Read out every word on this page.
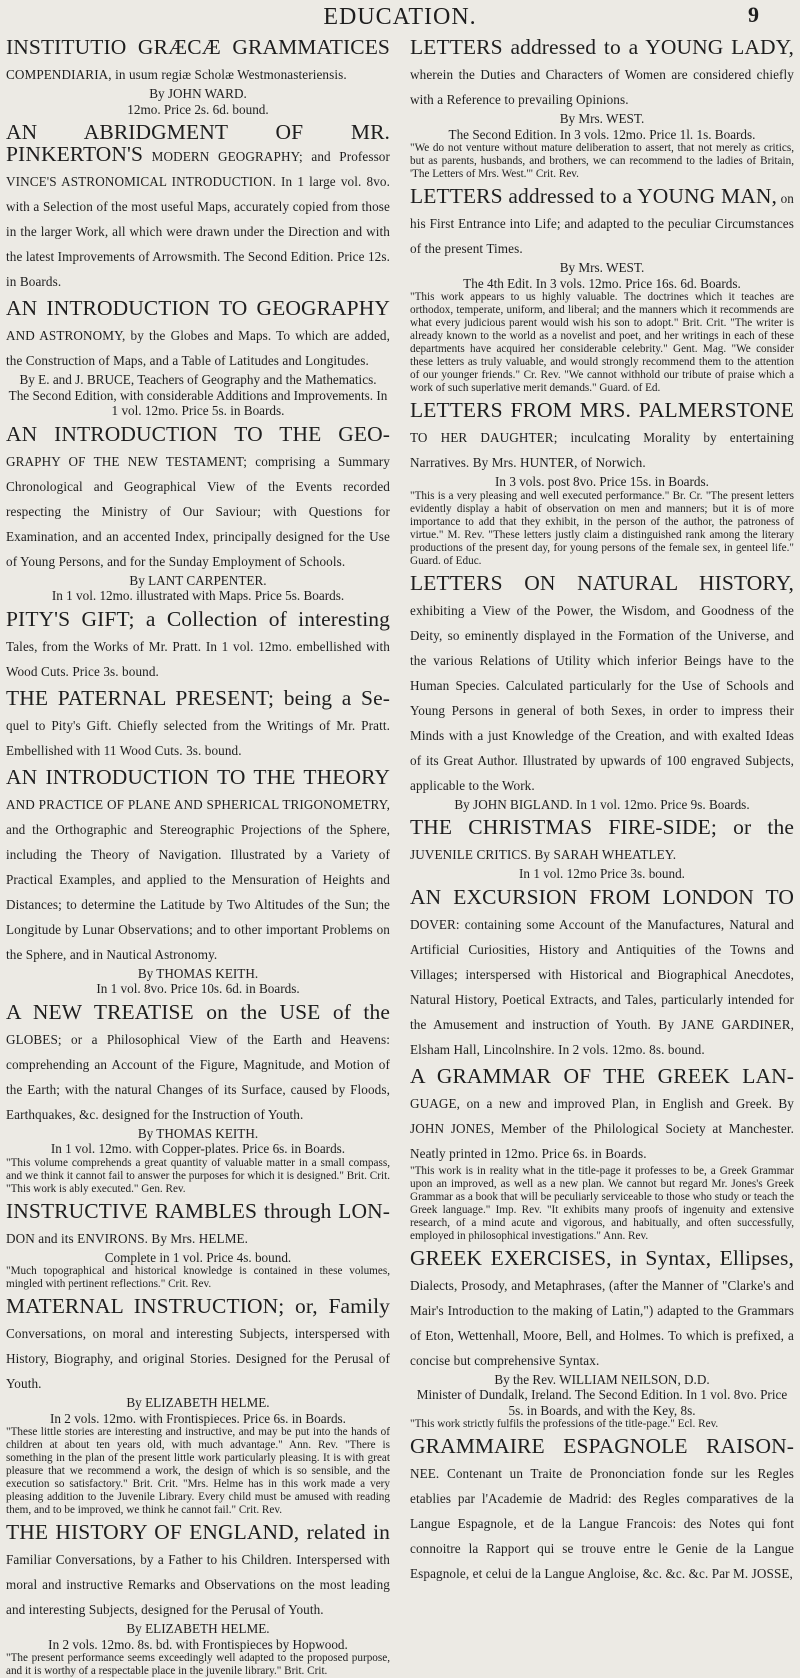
EDUCATION.	9
INSTITUTIO GRÆCÆ GRAMMATICES COMPENDIARIA, in usum regiæ Scholæ Westmonasteriensis.
By JOHN WARD.
12mo. Price 2s. 6d. bound.
AN ABRIDGMENT OF MR. PINKERTON'S MODERN GEOGRAPHY; and Professor VINCE'S ASTRONOMICAL INTRODUCTION. In 1 large vol. 8vo. with a Selection of the most useful Maps, accurately copied from those in the larger Work, all which were drawn under the Direction and with the latest Improvements of Arrowsmith. The Second Edition. Price 12s. in Boards.
AN INTRODUCTION TO GEOGRAPHY AND ASTRONOMY, by the Globes and Maps. To which are added, the Construction of Maps, and a Table of Latitudes and Longitudes.
By E. and J. BRUCE, Teachers of Geography and the Mathematics.
The Second Edition, with considerable Additions and Improvements. In 1 vol. 12mo. Price 5s. in Boards.
AN INTRODUCTION TO THE GEO- GRAPHY OF THE NEW TESTAMENT; comprising a Summary Chronological and Geographical View of the Events recorded respecting the Ministry of Our Saviour; with Questions for Examination, and an accented Index, principally designed for the Use of Young Persons, and for the Sunday Employment of Schools.
By LANT CARPENTER.
In 1 vol. 12mo. illustrated with Maps. Price 5s. Boards.
PITY'S GIFT; a Collection of interesting Tales, from the Works of Mr. Pratt. In 1 vol. 12mo. embellished with Wood Cuts. Price 3s. bound.
THE PATERNAL PRESENT; being a Se- quel to Pity's Gift. Chiefly selected from the Writings of Mr. Pratt. Embellished with 11 Wood Cuts. 3s. bound.
AN INTRODUCTION TO THE THEORY AND PRACTICE OF PLANE AND SPHERICAL TRIGONOMETRY, and the Orthographic and Stereographic Projections of the Sphere, including the Theory of Navigation. Illustrated by a Variety of Practical Examples, and applied to the Mensuration of Heights and Distances; to determine the Latitude by Two Altitudes of the Sun; the Longitude by Lunar Observations; and to other important Problems on the Sphere, and in Nautical Astronomy.
By THOMAS KEITH.
In 1 vol. 8vo. Price 10s. 6d. in Boards.
A NEW TREATISE on the USE of the GLOBES; or a Philosophical View of the Earth and Heavens: comprehending an Account of the Figure, Magnitude, and Motion of the Earth; with the natural Changes of its Surface, caused by Floods, Earthquakes, &c. designed for the Instruction of Youth.
By THOMAS KEITH.
In 1 vol. 12mo. with Copper-plates. Price 6s. in Boards.
"This volume comprehends a great quantity of valuable matter in a small compass, and we think it cannot fail to answer the purposes for which it is designed." Brit. Crit. "This work is ably executed." Gen. Rev.
INSTRUCTIVE RAMBLES through LON- DON and its ENVIRONS. By Mrs. HELME.
Complete in 1 vol. Price 4s. bound.
"Much topographical and historical knowledge is contained in these volumes, mingled with pertinent reflections." Crit. Rev.
MATERNAL INSTRUCTION; or, Family Conversations, on moral and interesting Subjects, interspersed with History, Biography, and original Stories. Designed for the Perusal of Youth.
By ELIZABETH HELME.
In 2 vols. 12mo. with Frontispieces. Price 6s. in Boards.
"These little stories are interesting and instructive, and may be put into the hands of children at about ten years old, with much advantage." Ann. Rev. "There is something in the plan of the present little work particularly pleasing. It is with great pleasure that we recommend a work, the design of which is so sensible, and the execution so satisfactory." Brit. Crit. "Mrs. Helme has in this work made a very pleasing addition to the Juvenile Library. Every child must be amused with reading them, and to be improved, we think he cannot fail." Crit. Rev.
THE HISTORY OF ENGLAND, related in Familiar Conversations, by a Father to his Children. Interspersed with moral and instructive Remarks and Observations on the most leading and interesting Subjects, designed for the Perusal of Youth.
By ELIZABETH HELME.
In 2 vols. 12mo. 8s. bd. with Frontispieces by Hopwood.
"The present performance seems exceedingly well adapted to the proposed purpose, and it is worthy of a respectable place in the juvenile library." Brit. Crit.
LETTERS addressed to a YOUNG LADY, wherein the Duties and Characters of Women are considered chiefly with a Reference to prevailing Opinions.
By Mrs. WEST.
The Second Edition. In 3 vols. 12mo. Price 1l. 1s. Boards.
"We do not venture without mature deliberation to assert, that not merely as critics, but as parents, husbands, and brothers, we can recommend to the ladies of Britain, 'The Letters of Mrs. West.'" Crit. Rev.
LETTERS addressed to a YOUNG MAN, on his First Entrance into Life; and adapted to the peculiar Circumstances of the present Times.
By Mrs. WEST.
The 4th Edit. In 3 vols. 12mo. Price 16s. 6d. Boards.
"This work appears to us highly valuable. The doctrines which it teaches are orthodox, temperate, uniform, and liberal; and the manners which it recommends are what every judicious parent would wish his son to adopt." Brit. Crit. "The writer is already known to the world as a novelist and poet, and her writings in each of these departments have acquired her considerable celebrity." Gent. Mag. "We consider these letters as truly valuable, and would strongly recommend them to the attention of our younger friends." Cr. Rev. "We cannot withhold our tribute of praise which a work of such superlative merit demands." Guard. of Ed.
LETTERS FROM MRS. PALMERSTONE TO HER DAUGHTER; inculcating Morality by entertaining Narratives. By Mrs. HUNTER, of Norwich.
In 3 vols. post 8vo. Price 15s. in Boards.
"This is a very pleasing and well executed performance." Br. Cr. "The present letters evidently display a habit of observation on men and manners; but it is of more importance to add that they exhibit, in the person of the author, the patroness of virtue." M. Rev. "These letters justly claim a distinguished rank among the literary productions of the present day, for young persons of the female sex, in genteel life." Guard. of Educ.
LETTERS ON NATURAL HISTORY, exhibiting a View of the Power, the Wisdom, and Goodness of the Deity, so eminently displayed in the Formation of the Universe, and the various Relations of Utility which inferior Beings have to the Human Species. Calculated particularly for the Use of Schools and Young Persons in general of both Sexes, in order to impress their Minds with a just Knowledge of the Creation, and with exalted Ideas of its Great Author. Illustrated by upwards of 100 engraved Subjects, applicable to the Work.
By JOHN BIGLAND. In 1 vol. 12mo. Price 9s. Boards.
THE CHRISTMAS FIRE-SIDE; or the JUVENILE CRITICS. By SARAH WHEATLEY.
In 1 vol. 12mo Price 3s. bound.
AN EXCURSION FROM LONDON TO DOVER: containing some Account of the Manufactures, Natural and Artificial Curiosities, History and Antiquities of the Towns and Villages; interspersed with Historical and Biographical Anecdotes, Natural History, Poetical Extracts, and Tales, particularly intended for the Amusement and instruction of Youth. By JANE GARDINER, Elsham Hall, Lincolnshire. In 2 vols. 12mo. 8s. bound.
A GRAMMAR OF THE GREEK LAN- GUAGE, on a new and improved Plan, in English and Greek. By JOHN JONES, Member of the Philological Society at Manchester. Neatly printed in 12mo. Price 6s. in Boards.
"This work is in reality what in the title-page it professes to be, a Greek Grammar upon an improved, as well as a new plan. We cannot but regard Mr. Jones's Greek Grammar as a book that will be peculiarly serviceable to those who study or teach the Greek language." Imp. Rev. "It exhibits many proofs of ingenuity and extensive research, of a mind acute and vigorous, and habitually, and often successfully, employed in philosophical investigations." Ann. Rev.
GREEK EXERCISES, in Syntax, Ellipses, Dialects, Prosody, and Metaphrases, (after the Manner of "Clarke's and Mair's Introduction to the making of Latin,") adapted to the Grammars of Eton, Wettenhall, Moore, Bell, and Holmes. To which is prefixed, a concise but comprehensive Syntax.
By the Rev. WILLIAM NEILSON, D.D.
Minister of Dundalk, Ireland. The Second Edition. In 1 vol. 8vo. Price 5s. in Boards, and with the Key, 8s.
"This work strictly fulfils the professions of the title-page." Ecl. Rev.
GRAMMAIRE ESPAGNOLE RAISON- NEE. Contenant un Traite de Prononciation fonde sur les Regles etablies par l'Academie de Madrid: des Regles comparatives de la Langue Espagnole, et de la Langue Francois: des Notes qui font connoitre la Rapport qui se trouve entre le Genie de la Langue Espagnole, et celui de la Langue Angloise, &c. &c. &c. Par M. JOSSE,
